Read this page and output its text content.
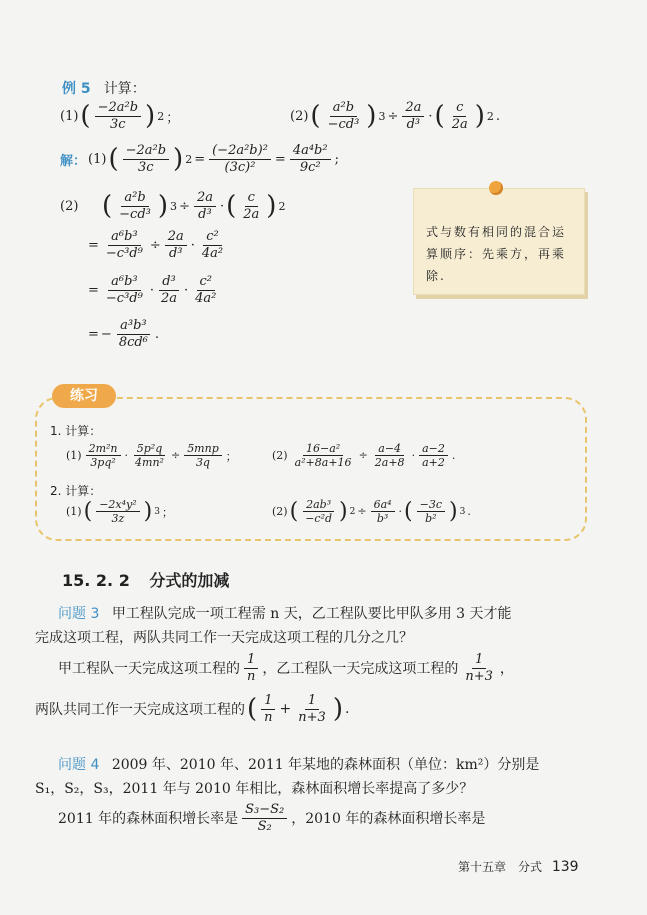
例 5 计算：
(1) ( $\frac{\text{−2a²b}}{3c}$ ) 2 ；	(2) ( $\frac{\text{a²b}}{\text{−cd³}}$ ) $3 \div \frac{2a}{\text{d³}}$ · ( $\frac{c}{2a}$ ) 2 .
解： (1) ( $\frac{\text{−2a²b}}{3c}$ ) $2 = \frac{\text{(−2a²b)²}}{\text{(3c)²}} = \frac{\text{4a⁴b²}}{\text{9c²}}$ ;
(2) ( $\frac{\text{a²b}}{\text{−cd³}}$ ) $3 \div \frac{2a}{\text{d³}}$ · ( $\frac{c}{2a}$ ) 2
= $\frac{\text{a⁶b³}}{\text{−c³d⁹}} \div \frac{2a}{\text{d³}} \cdot \frac{\text{c²}}{\text{4a²}}$
= $\frac{\text{a⁶b³}}{\text{−c³d⁹}} \cdot \frac{\text{d³}}{2a} \cdot \frac{\text{c²}}{\text{4a²}}$
= − $\frac{\text{a³b³}}{\text{8cd⁶}}$ .
式与数有相同的混合运算顺序：先乘方，再乘除.
练习
1. 计算：
$(1) \frac{\text{2m²n}}{\text{3pq²}} \cdot \frac{\text{5p²q}}{\text{4mn²}} \div \frac{\text{5mnp}}{3q}$ ；	$(2) \frac{\text{16−a²}}{\text{a²+8a+16}} \div \frac{a-4}{2a+8} \cdot \frac{a-2}{a+2}$ .
2. 计算：
(1) ( $\frac{\text{−2x⁴y²}}{3z}$ ) 3 ；	(2) ( $\frac{\text{2ab³}}{\text{−c²d}}$ ) $2 \div \frac{\text{6a⁴}}{\text{b³}}$ · ( $\frac{-3c}{\text{b²}}$ ) 3 .
15. 2. 2 分式的加减
问题 3 甲工程队完成一项工程需 n 天，乙工程队要比甲队多用 3 天才能
完成这项工程，两队共同工作一天完成这项工程的几分之几？
甲工程队一天完成这项工程的 $\frac{1}{n}$ ，乙工程队一天完成这项工程的 $\frac{1}{n+3}$ ，
两队共同工作一天完成这项工程的 ( $\frac{1}{n} + \frac{1}{n+3}$ ) .
问题 4 2009 年、2010 年、2011 年某地的森林面积（单位：km²）分别是
S₁，S₂，S₃，2011 年与 2010 年相比，森林面积增长率提高了多少？
2011 年的森林面积增长率是 $\frac{\text{S₃−S₂}}{\text{S₂}}$ ，2010 年的森林面积增长率是
第十五章　分式 139
